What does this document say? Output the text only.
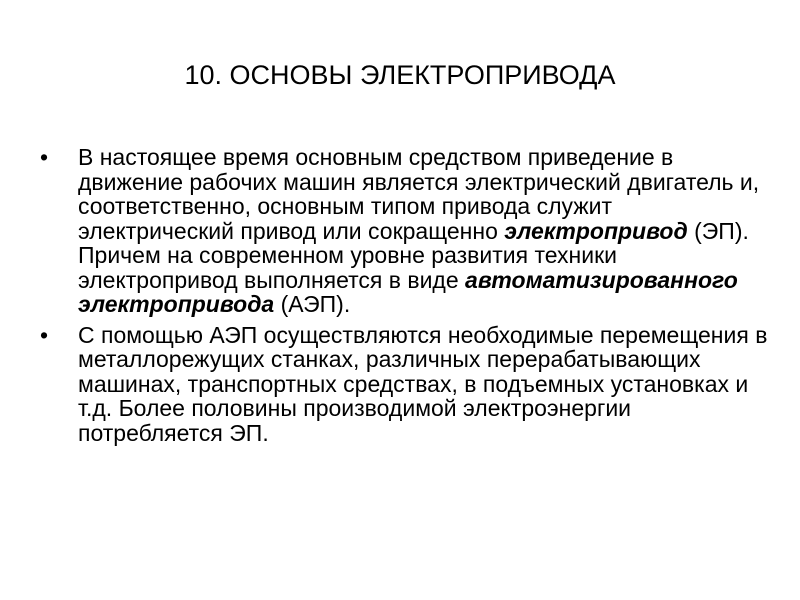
10. ОСНОВЫ ЭЛЕКТРОПРИВОДА
•	В настоящее время основным средством приведение в движение рабочих машин является электрический двигатель и, соответственно, основным типом привода служит электрический привод или сокращенно электропривод (ЭП). Причем на современном уровне развития техники электропривод выполняется в виде автоматизированного электропривода (АЭП).
•	С помощью АЭП осуществляются необходимые перемещения в металлорежущих станках, различных перерабатывающих машинах, транспортных средствах, в подъемных установках и т.д. Более половины производимой электроэнергии потребляется ЭП.
